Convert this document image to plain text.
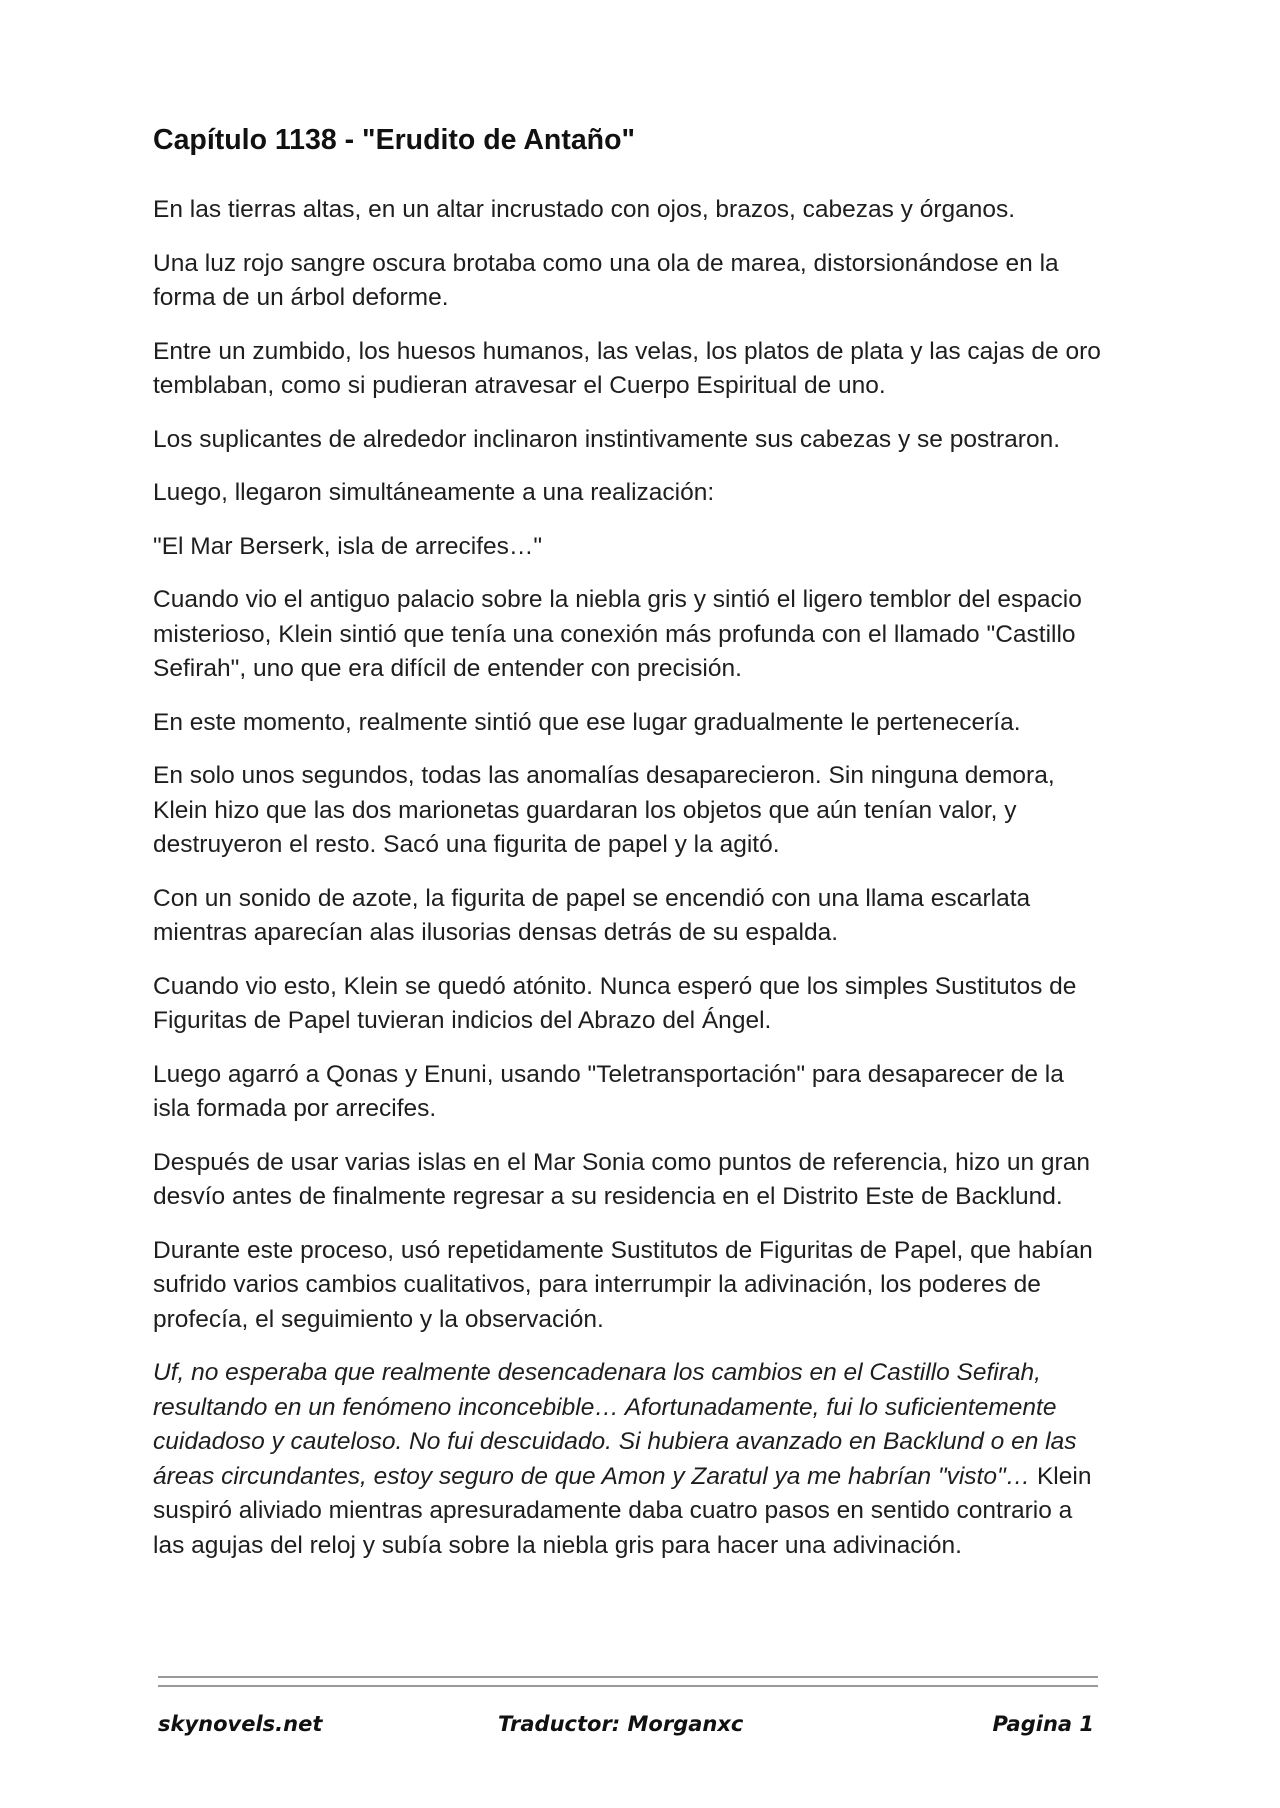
Capítulo 1138 - "Erudito de Antaño"

En las tierras altas, en un altar incrustado con ojos, brazos, cabezas y órganos.

Una luz rojo sangre oscura brotaba como una ola de marea, distorsionándose en la forma de un árbol deforme.

Entre un zumbido, los huesos humanos, las velas, los platos de plata y las cajas de oro temblaban, como si pudieran atravesar el Cuerpo Espiritual de uno.

Los suplicantes de alrededor inclinaron instintivamente sus cabezas y se postraron.

Luego, llegaron simultáneamente a una realización:

"El Mar Berserk, isla de arrecifes…"

Cuando vio el antiguo palacio sobre la niebla gris y sintió el ligero temblor del espacio misterioso, Klein sintió que tenía una conexión más profunda con el llamado "Castillo Sefirah", uno que era difícil de entender con precisión.

En este momento, realmente sintió que ese lugar gradualmente le pertenecería.

En solo unos segundos, todas las anomalías desaparecieron. Sin ninguna demora, Klein hizo que las dos marionetas guardaran los objetos que aún tenían valor, y destruyeron el resto. Sacó una figurita de papel y la agitó.

Con un sonido de azote, la figurita de papel se encendió con una llama escarlata mientras aparecían alas ilusorias densas detrás de su espalda.

Cuando vio esto, Klein se quedó atónito. Nunca esperó que los simples Sustitutos de Figuritas de Papel tuvieran indicios del Abrazo del Ángel.

Luego agarró a Qonas y Enuni, usando "Teletransportación" para desaparecer de la isla formada por arrecifes.

Después de usar varias islas en el Mar Sonia como puntos de referencia, hizo un gran desvío antes de finalmente regresar a su residencia en el Distrito Este de Backlund.

Durante este proceso, usó repetidamente Sustitutos de Figuritas de Papel, que habían sufrido varios cambios cualitativos, para interrumpir la adivinación, los poderes de profecía, el seguimiento y la observación.

Uf, no esperaba que realmente desencadenara los cambios en el Castillo Sefirah, resultando en un fenómeno inconcebible… Afortunadamente, fui lo suficientemente cuidadoso y cauteloso. No fui descuidado. Si hubiera avanzado en Backlund o en las áreas circundantes, estoy seguro de que Amon y Zaratul ya me habrían "visto"… Klein suspiró aliviado mientras apresuradamente daba cuatro pasos en sentido contrario a las agujas del reloj y subía sobre la niebla gris para hacer una adivinación.

skynovels.net	Traductor: Morganxc	Pagina 1
